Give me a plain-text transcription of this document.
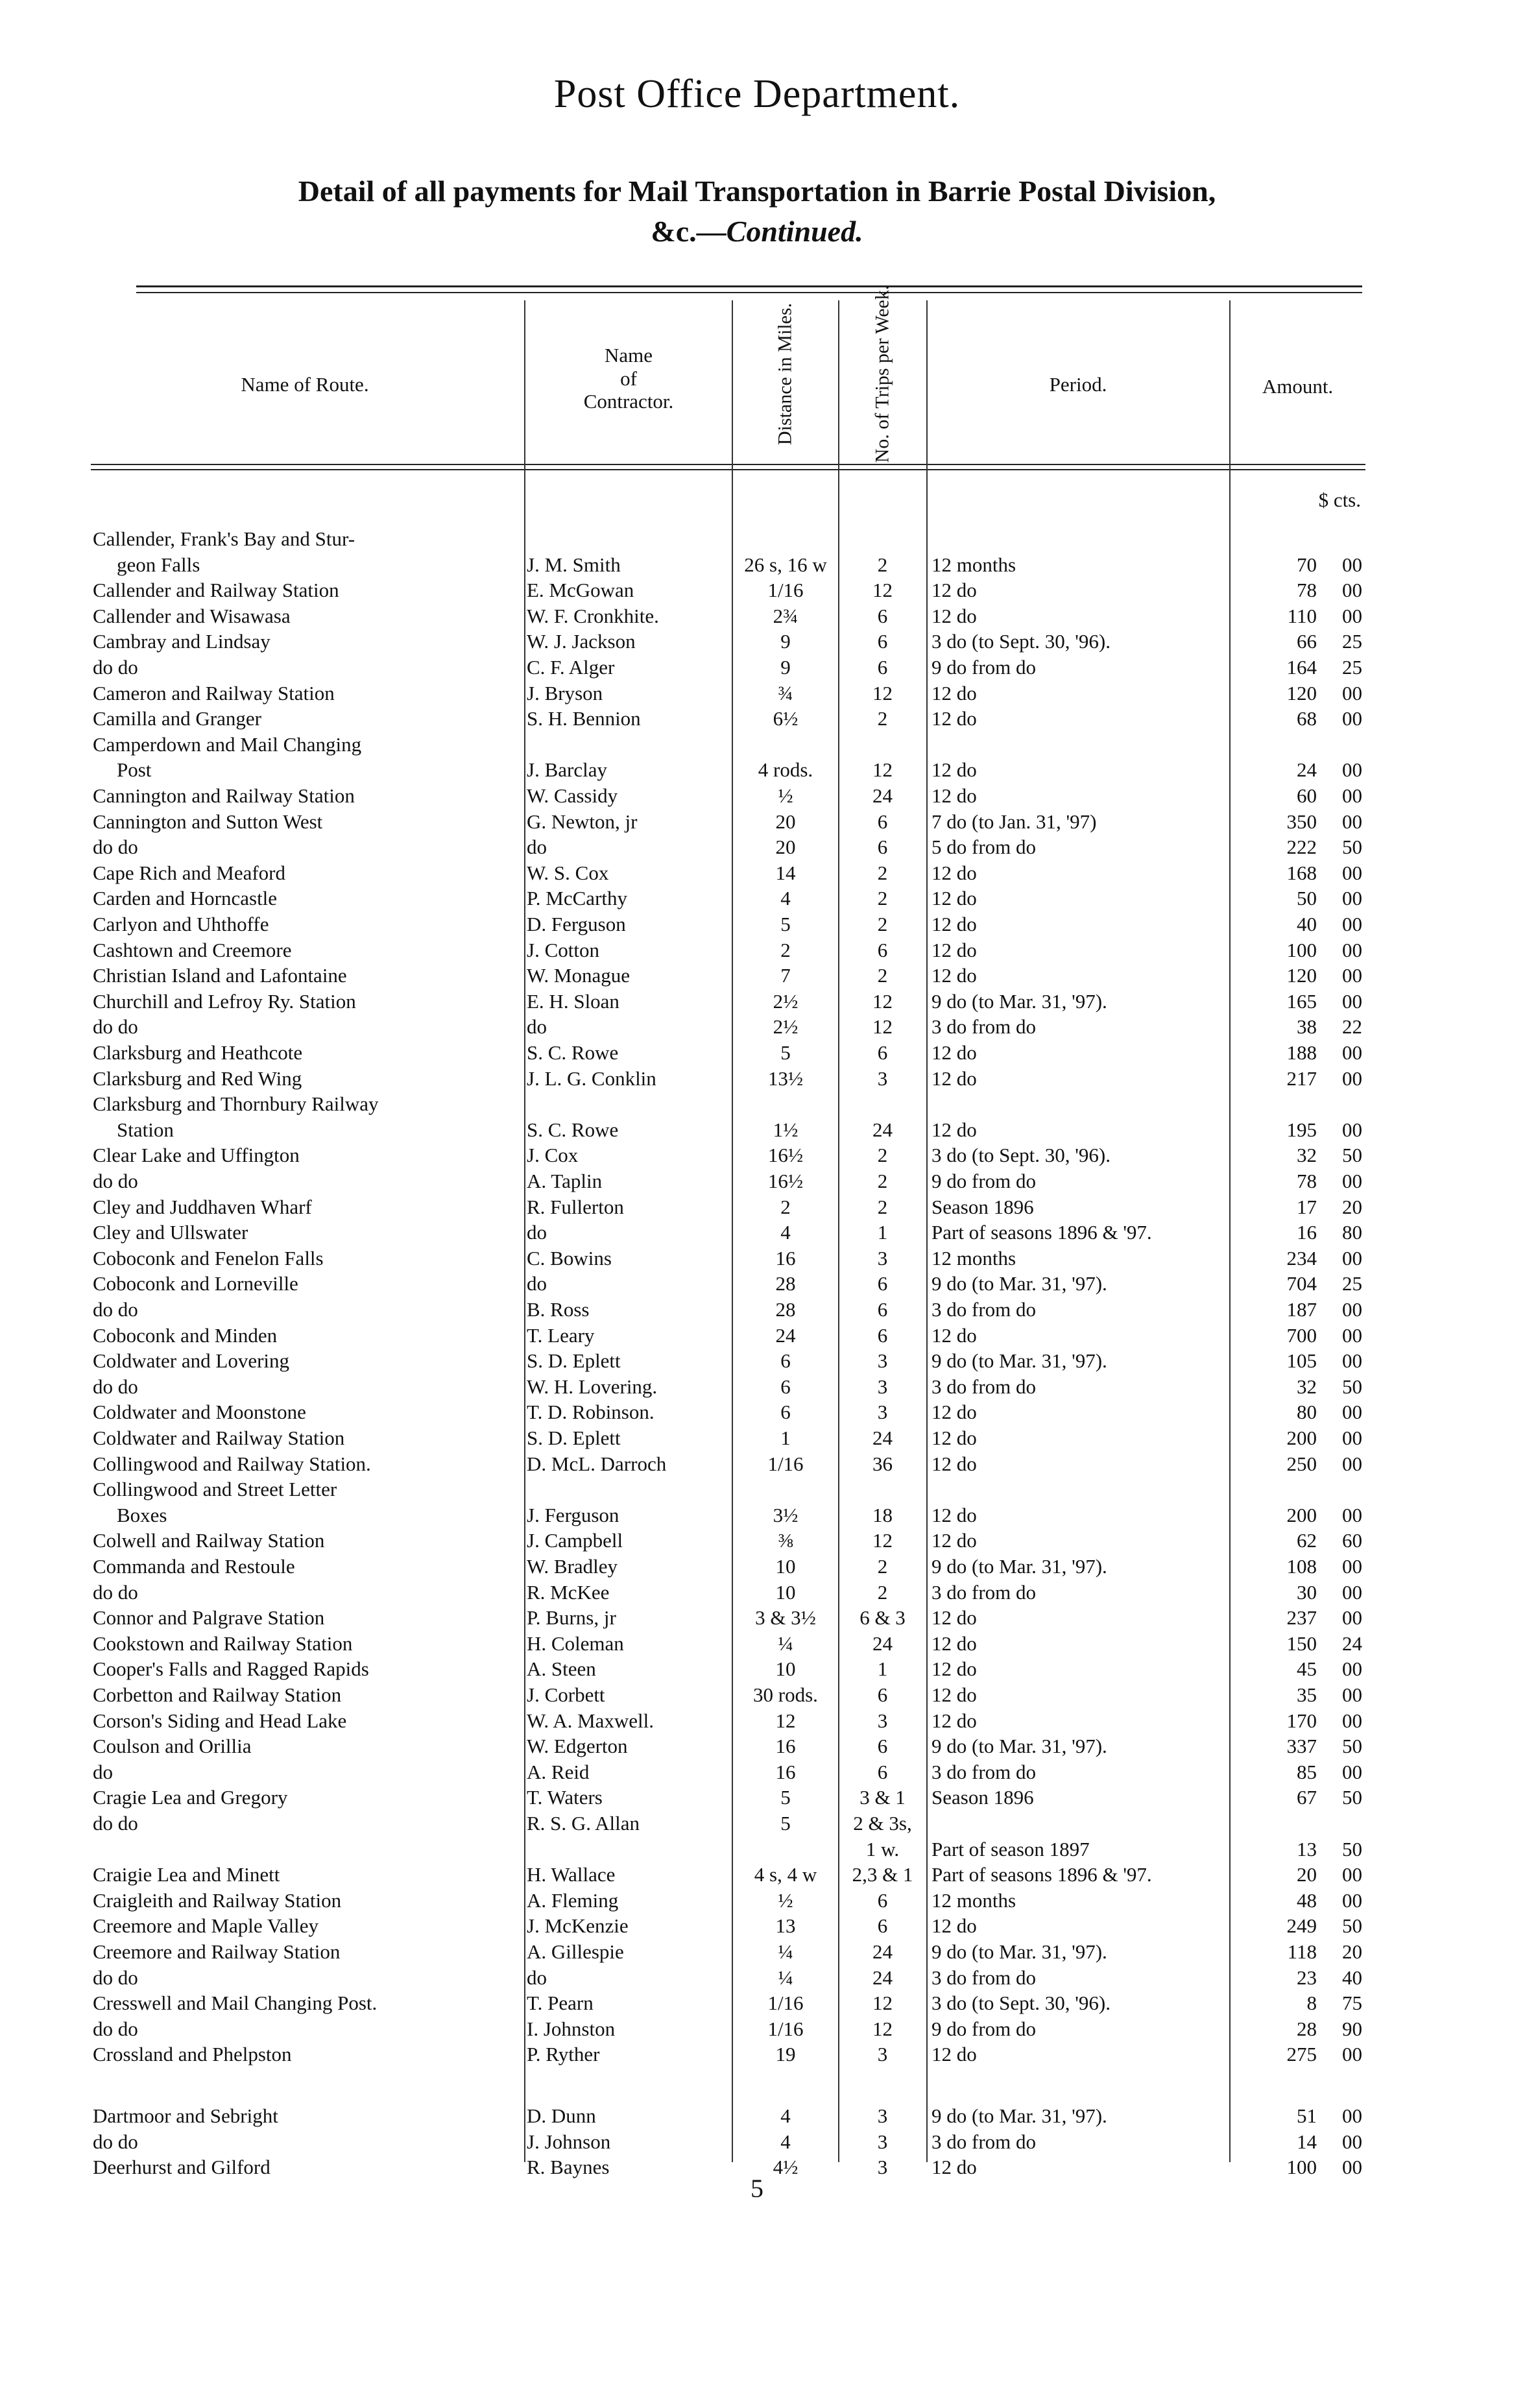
Post Office Department.
Detail of all payments for Mail Transportation in Barrie Postal Division,
&c.—Continued.
Name of Route.
Name
of
Contractor.	Distance in Miles.	No. of Trips per Week.	Period.	Amount.
$ cts.
Callender, Frank's Bay and Stur-
geon Falls	J. M. Smith	26 s, 16 w	2	12 months	70	00
Callender and Railway Station	E. McGowan	1/16	12	12 do	78	00
Callender and Wisawasa	W. F. Cronkhite.	2¾	6	12 do	110	00
Cambray and Lindsay	W. J. Jackson	9	6	3 do (to Sept. 30, '96).	66	25
do do	C. F. Alger	9	6	9 do from do	164	25
Cameron and Railway Station	J. Bryson	¾	12	12 do	120	00
Camilla and Granger	S. H. Bennion	6½	2	12 do	68	00
Camperdown and Mail Changing
Post	J. Barclay	4 rods.	12	12 do	24	00
Cannington and Railway Station	W. Cassidy	½	24	12 do	60	00
Cannington and Sutton West	G. Newton, jr	20	6	7 do (to Jan. 31, '97)	350	00
do do	do	20	6	5 do from do	222	50
Cape Rich and Meaford	W. S. Cox	14	2	12 do	168	00
Carden and Horncastle	P. McCarthy	4	2	12 do	50	00
Carlyon and Uhthoffe	D. Ferguson	5	2	12 do	40	00
Cashtown and Creemore	J. Cotton	2	6	12 do	100	00
Christian Island and Lafontaine	W. Monague	7	2	12 do	120	00
Churchill and Lefroy Ry. Station	E. H. Sloan	2½	12	9 do (to Mar. 31, '97).	165	00
do do	do	2½	12	3 do from do	38	22
Clarksburg and Heathcote	S. C. Rowe	5	6	12 do	188	00
Clarksburg and Red Wing	J. L. G. Conklin	13½	3	12 do	217	00
Clarksburg and Thornbury Railway
Station	S. C. Rowe	1½	24	12 do	195	00
Clear Lake and Uffington	J. Cox	16½	2	3 do (to Sept. 30, '96).	32	50
do do	A. Taplin	16½	2	9 do from do	78	00
Cley and Juddhaven Wharf	R. Fullerton	2	2	Season 1896	17	20
Cley and Ullswater	do	4	1	Part of seasons 1896 & '97.	16	80
Coboconk and Fenelon Falls	C. Bowins	16	3	12 months	234	00
Coboconk and Lorneville	do	28	6	9 do (to Mar. 31, '97).	704	25
do do	B. Ross	28	6	3 do from do	187	00
Coboconk and Minden	T. Leary	24	6	12 do	700	00
Coldwater and Lovering	S. D. Eplett	6	3	9 do (to Mar. 31, '97).	105	00
do do	W. H. Lovering.	6	3	3 do from do	32	50
Coldwater and Moonstone	T. D. Robinson.	6	3	12 do	80	00
Coldwater and Railway Station	S. D. Eplett	1	24	12 do	200	00
Collingwood and Railway Station.	D. McL. Darroch	1/16	36	12 do	250	00
Collingwood and Street Letter
Boxes	J. Ferguson	3½	18	12 do	200	00
Colwell and Railway Station	J. Campbell	⅜	12	12 do	62	60
Commanda and Restoule	W. Bradley	10	2	9 do (to Mar. 31, '97).	108	00
do do	R. McKee	10	2	3 do from do	30	00
Connor and Palgrave Station	P. Burns, jr	3 & 3½	6 & 3	12 do	237	00
Cookstown and Railway Station	H. Coleman	¼	24	12 do	150	24
Cooper's Falls and Ragged Rapids	A. Steen	10	1	12 do	45	00
Corbetton and Railway Station	J. Corbett	30 rods.	6	12 do	35	00
Corson's Siding and Head Lake	W. A. Maxwell.	12	3	12 do	170	00
Coulson and Orillia	W. Edgerton	16	6	9 do (to Mar. 31, '97).	337	50
do	A. Reid	16	6	3 do from do	85	00
Cragie Lea and Gregory	T. Waters	5	3 & 1	Season 1896	67	50
do do	R. S. G. Allan	5	2 & 3s,
1 w.	Part of season 1897	13	50
Craigie Lea and Minett	H. Wallace	4 s, 4 w	2,3 & 1 Part of seasons 1896 & '97.	20	00
Craigleith and Railway Station	A. Fleming	½	6	12 months	48	00
Creemore and Maple Valley	J. McKenzie	13	6	12 do	249	50
Creemore and Railway Station	A. Gillespie	¼	24	9 do (to Mar. 31, '97).	118	20
do do	do	¼	24	3 do from do	23	40
Cresswell and Mail Changing Post.	T. Pearn	1/16	12	3 do (to Sept. 30, '96).	8	75
do do	I. Johnston	1/16	12	9 do from do	28	90
Crossland and Phelpston	P. Ryther	19	3	12 do	275	00
Dartmoor and Sebright	D. Dunn	4	3	9 do (to Mar. 31, '97).	51	00
do do	J. Johnson	4	3	3 do from do	14	00
Deerhurst and Gilford	R. Baynes	4½	3	12 do	100	00
5
